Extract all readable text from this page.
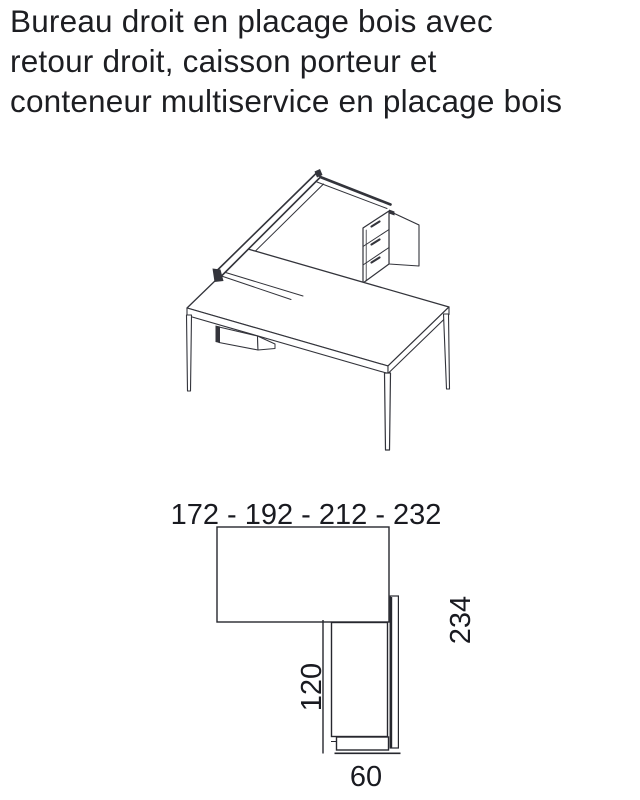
Bureau droit en placage bois avec
retour droit, caisson porteur et
conteneur multiservice en placage bois
172 - 192 - 212 - 232
120
234
60
